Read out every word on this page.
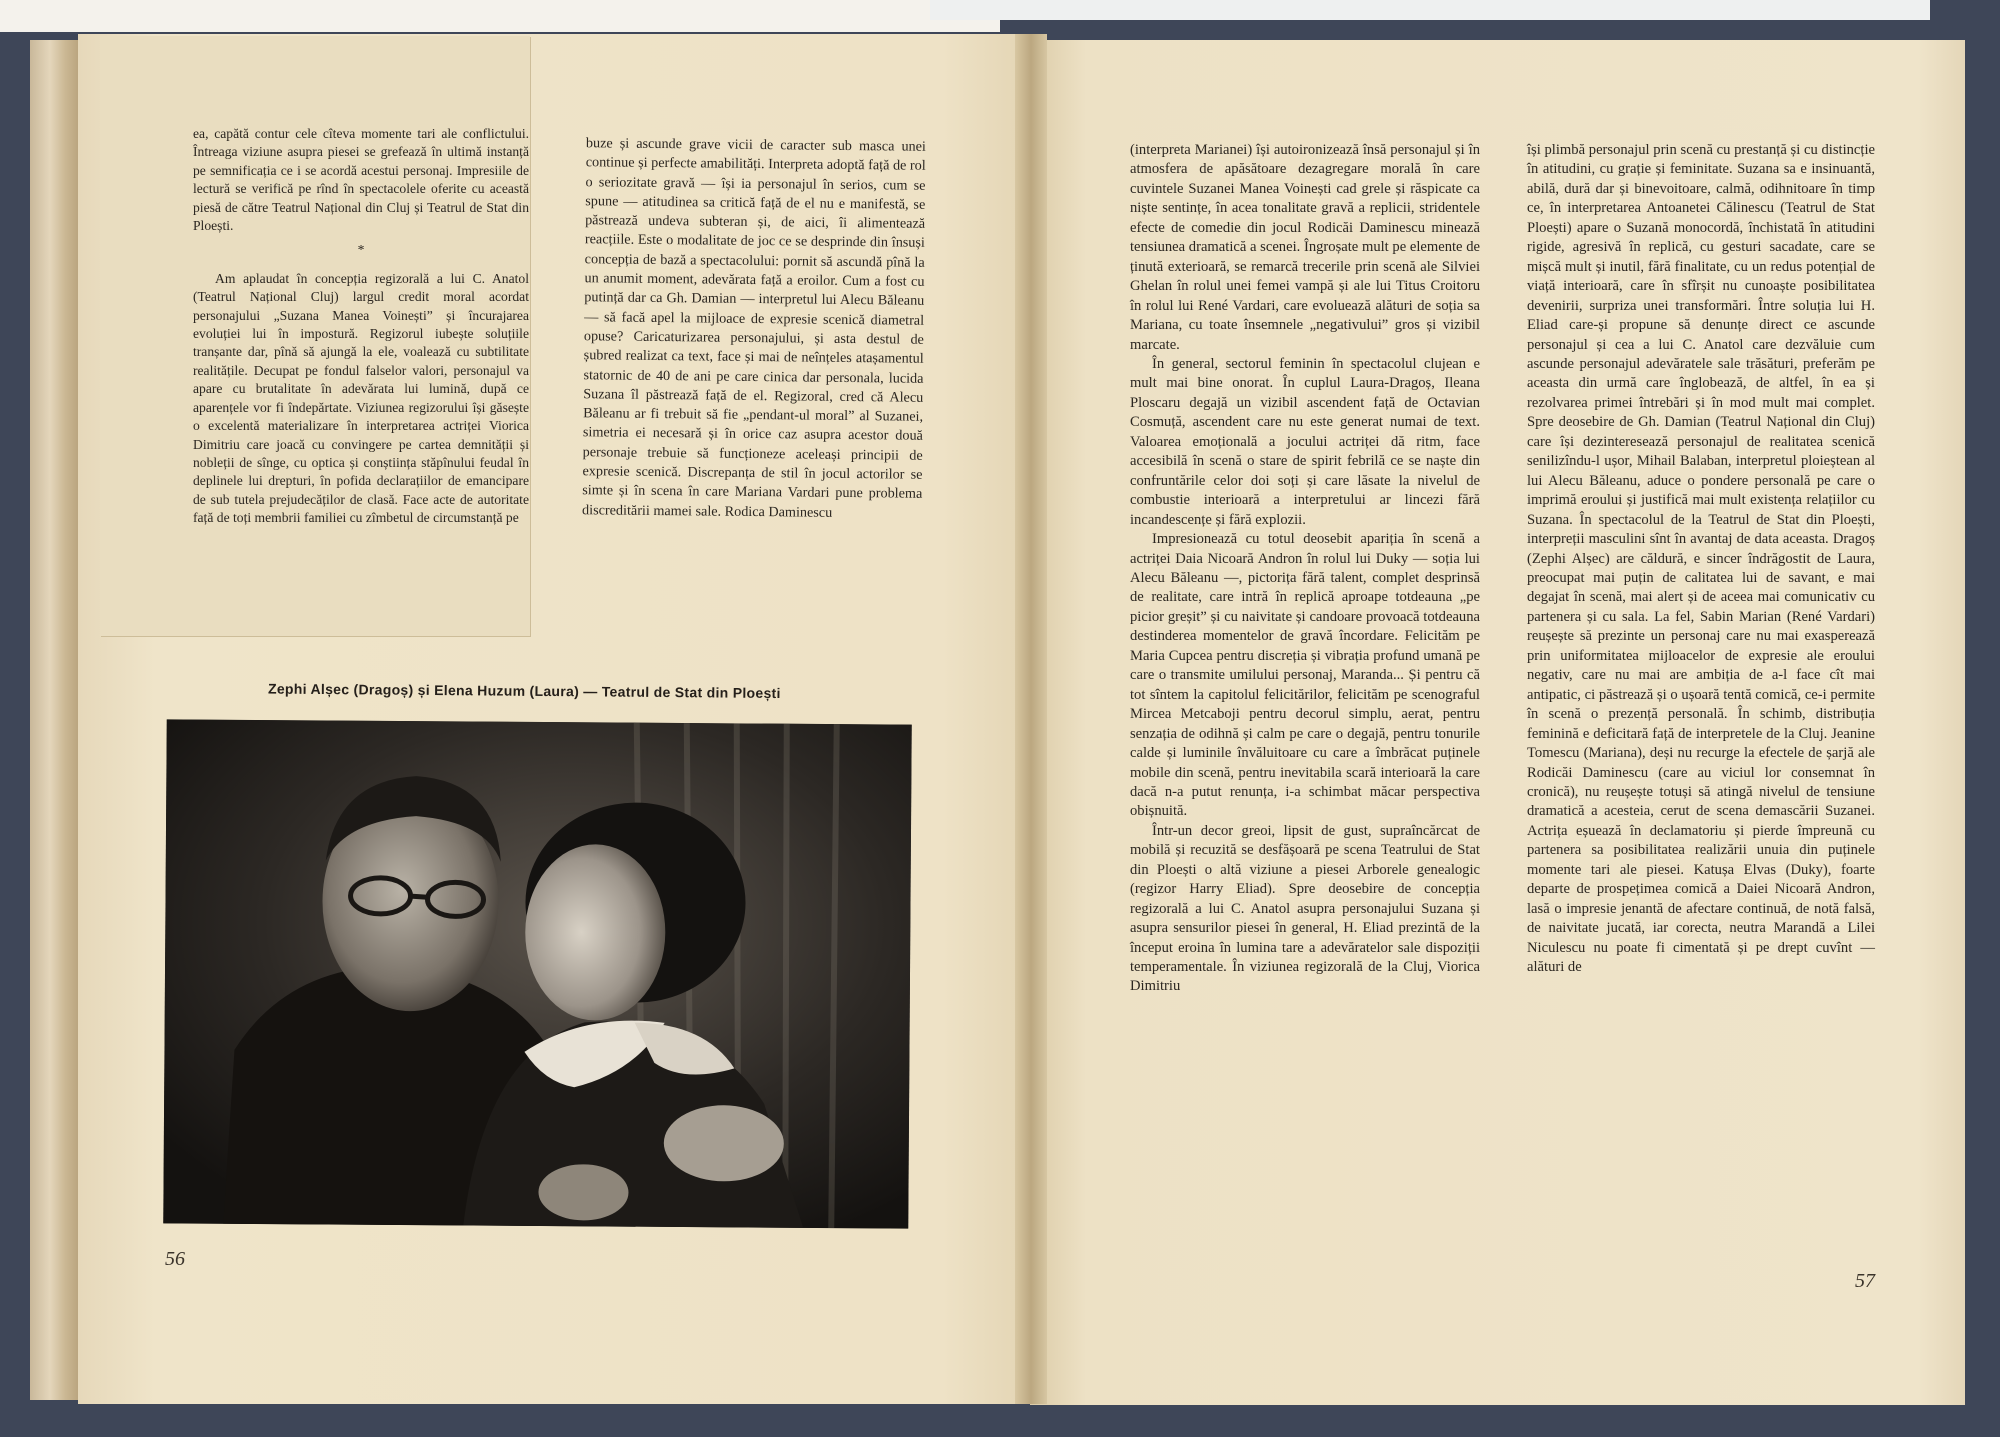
ea, capătă contur cele cîteva momente tari ale conflictului. Întreaga viziune asupra piesei se grefează în ultimă instanță pe semnificația ce i se acordă acestui personaj. Impresiile de lectură se verifică pe rînd în spectacolele oferite cu această piesă de către Teatrul Național din Cluj și Teatrul de Stat din Ploești.

*

Am aplaudat în concepția regizorală a lui C. Anatol (Teatrul Național Cluj) largul credit moral acordat personajului „Suzana Manea Voinești” și încurajarea evoluției lui în impostură. Regizorul iubește soluțiile tranșante dar, pînă să ajungă la ele, voalează cu subtilitate realitățile. Decupat pe fondul falselor valori, personajul va apare cu brutalitate în adevărata lui lumină, după ce aparențele vor fi îndepărtate. Viziunea regizorului își găsește o excelentă materializare în interpretarea actriței Viorica Dimitriu care joacă cu convingere pe cartea demnității și nobleții de sînge, cu optica și conștiința stăpînului feudal în deplinele lui drepturi, în pofida declarațiilor de emancipare de sub tutela prejudecăților de clasă. Face acte de autoritate față de toți membrii familiei cu zîmbetul de circumstanță pe

buze și ascunde grave vicii de caracter sub masca unei continue și perfecte amabilități. Interpreta adoptă față de rol o seriozitate gravă — își ia personajul în serios, cum se spune — atitudinea sa critică față de el nu e manifestă, se păstrează undeva subteran și, de aici, îi alimentează reacțiile. Este o modalitate de joc ce se desprinde din însuși concepția de bază a spectacolului: pornit să ascundă pînă la un anumit moment, adevărata față a eroilor. Cum a fost cu putință dar ca Gh. Damian — interpretul lui Alecu Băleanu — să facă apel la mijloace de expresie scenică diametral opuse? Caricaturizarea personajului, și asta destul de șubred realizat ca text, face și mai de neînțeles atașamentul statornic de 40 de ani pe care cinica dar personala, lucida Suzana îl păstrează față de el. Regizoral, cred că Alecu Băleanu ar fi trebuit să fie „pendant-ul moral” al Suzanei, simetria ei necesară și în orice caz asupra acestor două personaje trebuie să funcționeze aceleași principii de expresie scenică. Discrepanța de stil în jocul actorilor se simte și în scena în care Mariana Vardari pune problema discreditării mamei sale. Rodica Daminescu

Zephi Alșec (Dragoș) și Elena Huzum (Laura) — Teatrul de Stat din Ploești
56

(interpreta Marianei) își autoironizează însă personajul și în atmosfera de apăsătoare dezagregare morală în care cuvintele Suzanei Manea Voinești cad grele și răspicate ca niște sentințe, în acea tonalitate gravă a replicii, stridentele efecte de comedie din jocul Rodicăi Daminescu minează tensiunea dramatică a scenei. Îngroșate mult pe elemente de ținută exterioară, se remarcă trecerile prin scenă ale Silviei Ghelan în rolul unei femei vampă și ale lui Titus Croitoru în rolul lui René Vardari, care evoluează alături de soția sa Mariana, cu toate însemnele „negativului” gros și vizibil marcate.

În general, sectorul feminin în spectacolul clujean e mult mai bine onorat. În cuplul Laura-Dragoș, Ileana Ploscaru degajă un vizibil ascendent față de Octavian Cosmuță, ascendent care nu este generat numai de text. Valoarea emoțională a jocului actriței dă ritm, face accesibilă în scenă o stare de spirit febrilă ce se naște din confruntările celor doi soți și care lăsate la nivelul de combustie interioară a interpretului ar lincezi fără incandescențe și fără explozii.

Impresionează cu totul deosebit apariția în scenă a actriței Daia Nicoară Andron în rolul lui Duky — soția lui Alecu Băleanu —, pictorița fără talent, complet desprinsă de realitate, care intră în replică aproape totdeauna „pe picior greșit” și cu naivitate și candoare provoacă totdeauna destinderea momentelor de gravă încordare. Felicităm pe Maria Cupcea pentru discreția și vibrația profund umană pe care o transmite umilului personaj, Maranda... Și pentru că tot sîntem la capitolul felicitărilor, felicităm pe scenograful Mircea Metcaboji pentru decorul simplu, aerat, pentru senzația de odihnă și calm pe care o degajă, pentru tonurile calde și luminile învăluitoare cu care a îmbrăcat puținele mobile din scenă, pentru inevitabila scară interioară la care dacă n-a putut renunța, i-a schimbat măcar perspectiva obișnuită.

Într-un decor greoi, lipsit de gust, supraîncărcat de mobilă și recuzită se desfășoară pe scena Teatrului de Stat din Ploești o altă viziune a piesei Arborele genealogic (regizor Harry Eliad). Spre deosebire de concepția regizorală a lui C. Anatol asupra personajului Suzana și asupra sensurilor piesei în general, H. Eliad prezintă de la început eroina în lumina tare a adevăratelor sale dispoziții temperamentale. În viziunea regizorală de la Cluj, Viorica Dimitriu

își plimbă personajul prin scenă cu prestanță și cu distincție în atitudini, cu grație și feminitate. Suzana sa e insinuantă, abilă, dură dar și binevoitoare, calmă, odihnitoare în timp ce, în interpretarea Antoanetei Călinescu (Teatrul de Stat Ploești) apare o Suzană monocordă, închistată în atitudini rigide, agresivă în replică, cu gesturi sacadate, care se mișcă mult și inutil, fără finalitate, cu un redus potențial de viață interioară, care în sfîrșit nu cunoaște posibilitatea devenirii, surpriza unei transformări. Între soluția lui H. Eliad care-și propune să denunțe direct ce ascunde personajul și cea a lui C. Anatol care dezvăluie cum ascunde personajul adevăratele sale trăsături, preferăm pe aceasta din urmă care înglobează, de altfel, în ea și rezolvarea primei întrebări și în mod mult mai complet. Spre deosebire de Gh. Damian (Teatrul Național din Cluj) care își dezinteresează personajul de realitatea scenică senilizîndu-l ușor, Mihail Balaban, interpretul ploieștean al lui Alecu Băleanu, aduce o pondere personală pe care o imprimă eroului și justifică mai mult existența relațiilor cu Suzana. În spectacolul de la Teatrul de Stat din Ploești, interpreții masculini sînt în avantaj de data aceasta. Dragoș (Zephi Alșec) are căldură, e sincer îndrăgostit de Laura, preocupat mai puțin de calitatea lui de savant, e mai degajat în scenă, mai alert și de aceea mai comunicativ cu partenera și cu sala. La fel, Sabin Marian (René Vardari) reușește să prezinte un personaj care nu mai exasperează prin uniformitatea mijloacelor de expresie ale eroului negativ, care nu mai are ambiția de a-l face cît mai antipatic, ci păstrează și o ușoară tentă comică, ce-i permite în scenă o prezență personală. În schimb, distribuția feminină e deficitară față de interpretele de la Cluj. Jeanine Tomescu (Mariana), deși nu recurge la efectele de șarjă ale Rodicăi Daminescu (care au viciul lor consemnat în cronică), nu reușește totuși să atingă nivelul de tensiune dramatică a acesteia, cerut de scena demascării Suzanei. Actrița eșuează în declamatoriu și pierde împreună cu partenera sa posibilitatea realizării unuia din puținele momente tari ale piesei. Katușa Elvas (Duky), foarte departe de prospețimea comică a Daiei Nicoară Andron, lasă o impresie jenantă de afectare continuă, de notă falsă, de naivitate jucată, iar corecta, neutra Marandă a Lilei Niculescu nu poate fi cimentată și pe drept cuvînt — alături de

57
